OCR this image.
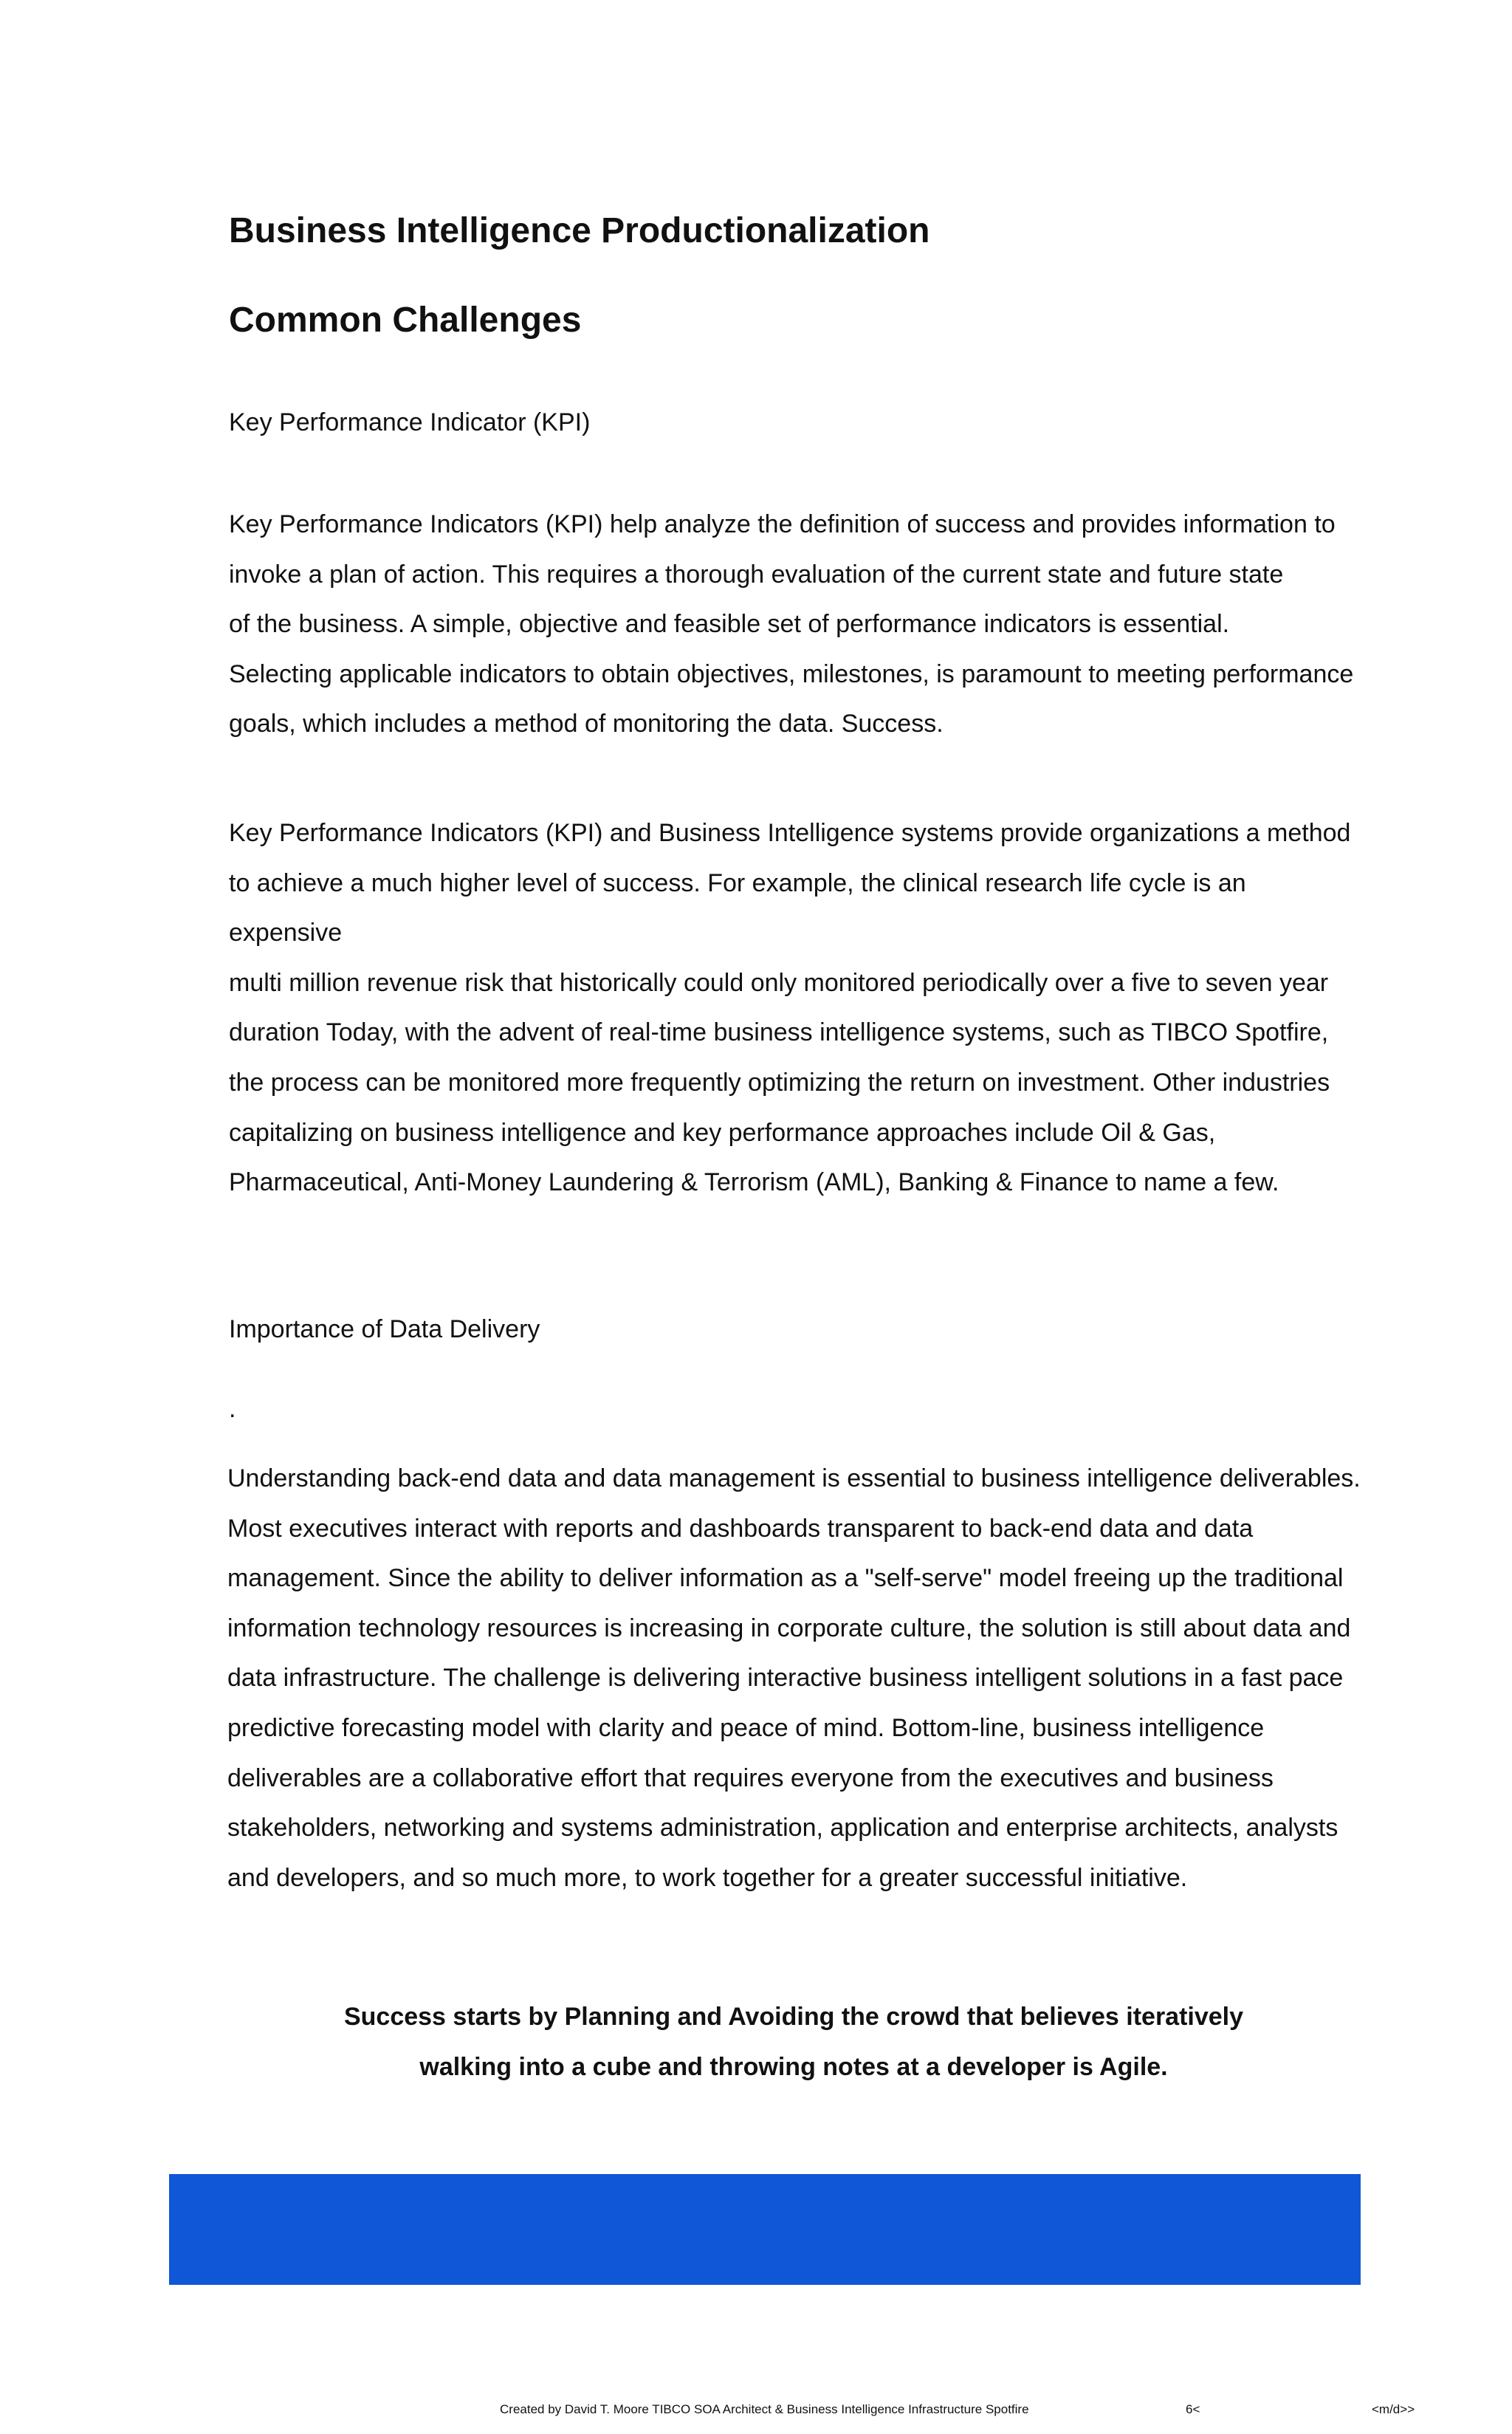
Business Intelligence Productionalization
Common Challenges

Key Performance Indicator (KPI)

Key Performance Indicators (KPI) help analyze the definition of success and provides information to
invoke a plan of action. This requires a thorough evaluation of the current state and future state
of the business. A simple, objective and feasible set of performance indicators is essential.
Selecting applicable indicators to obtain objectives, milestones, is paramount to meeting performance
goals, which includes a method of monitoring the data. Success.
Key Performance Indicators (KPI) and Business Intelligence systems provide organizations a method
to achieve a much higher level of success. For example, the clinical research life cycle is an
expensive
multi million revenue risk that historically could only monitored periodically over a five to seven year
duration Today, with the advent of real-time business intelligence systems, such as TIBCO Spotfire,
the process can be monitored more frequently optimizing the return on investment. Other industries
capitalizing on business intelligence and key performance approaches include Oil & Gas,
Pharmaceutical, Anti-Money Laundering & Terrorism (AML), Banking & Finance to name a few.

Importance of Data Delivery

.

Understanding back-end data and data management is essential to business intelligence deliverables.
Most executives interact with reports and dashboards transparent to back-end data and data
management. Since the ability to deliver information as a "self-serve" model freeing up the traditional
information technology resources is increasing in corporate culture, the solution is still about data and
data infrastructure. The challenge is delivering interactive business intelligent solutions in a fast pace
predictive forecasting model with clarity and peace of mind. Bottom-line, business intelligence
deliverables are a collaborative effort that requires everyone from the executives and business
stakeholders, networking and systems administration, application and enterprise architects, analysts
and developers, and so much more, to work together for a greater successful initiative.
Success starts by Planning and Avoiding the crowd that believes iteratively
walking into a cube and throwing notes at a developer is Agile.
Created by David T. Moore TIBCO SOA Architect & Business Intelligence Infrastructure Spotfire	6<	<m/d>>
